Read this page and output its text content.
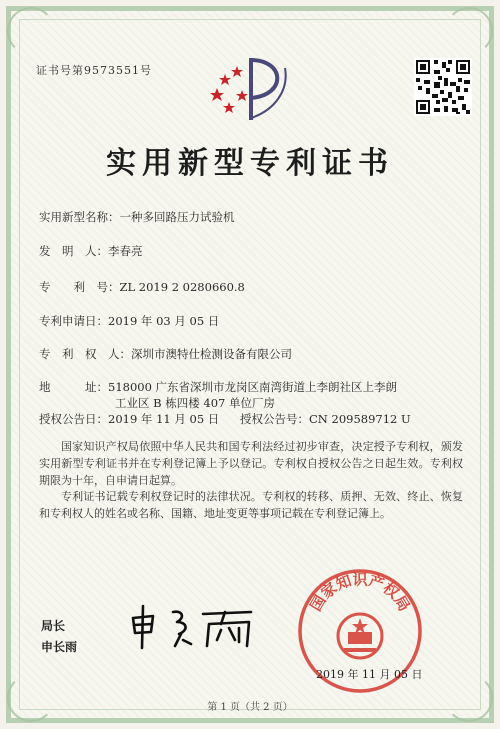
证书号第9573551号
实用新型专利证书
实用新型名称：一种多回路压力试验机
发　明　人：李春亮
专　　利　号：ZL 2019 2 0280660.8
专利申请日：2019 年 03 月 05 日
专　利　权　人：深圳市澳特仕检测设备有限公司
地　　　址：518000 广东省深圳市龙岗区南湾街道上李朗社区上李朗
工业区 B 栋四楼 407 单位厂房
授权公告日：2019 年 11 月 05 日 授权公告号：CN 209589712 U
国家知识产权局依照中华人民共和国专利法经过初步审查，决定授予专利权，颁发实用新型专利证书并在专利登记簿上予以登记。专利权自授权公告之日起生效。专利权期限为十年，自申请日起算。
专利证书记载专利权登记时的法律状况。专利权的转移、质押、无效、终止、恢复和专利权人的姓名或名称、国籍、地址变更等事项记载在专利登记簿上。
局长
申长雨
国家知识产权局
2019 年 11 月 05 日
第 1 页（共 2 页）
